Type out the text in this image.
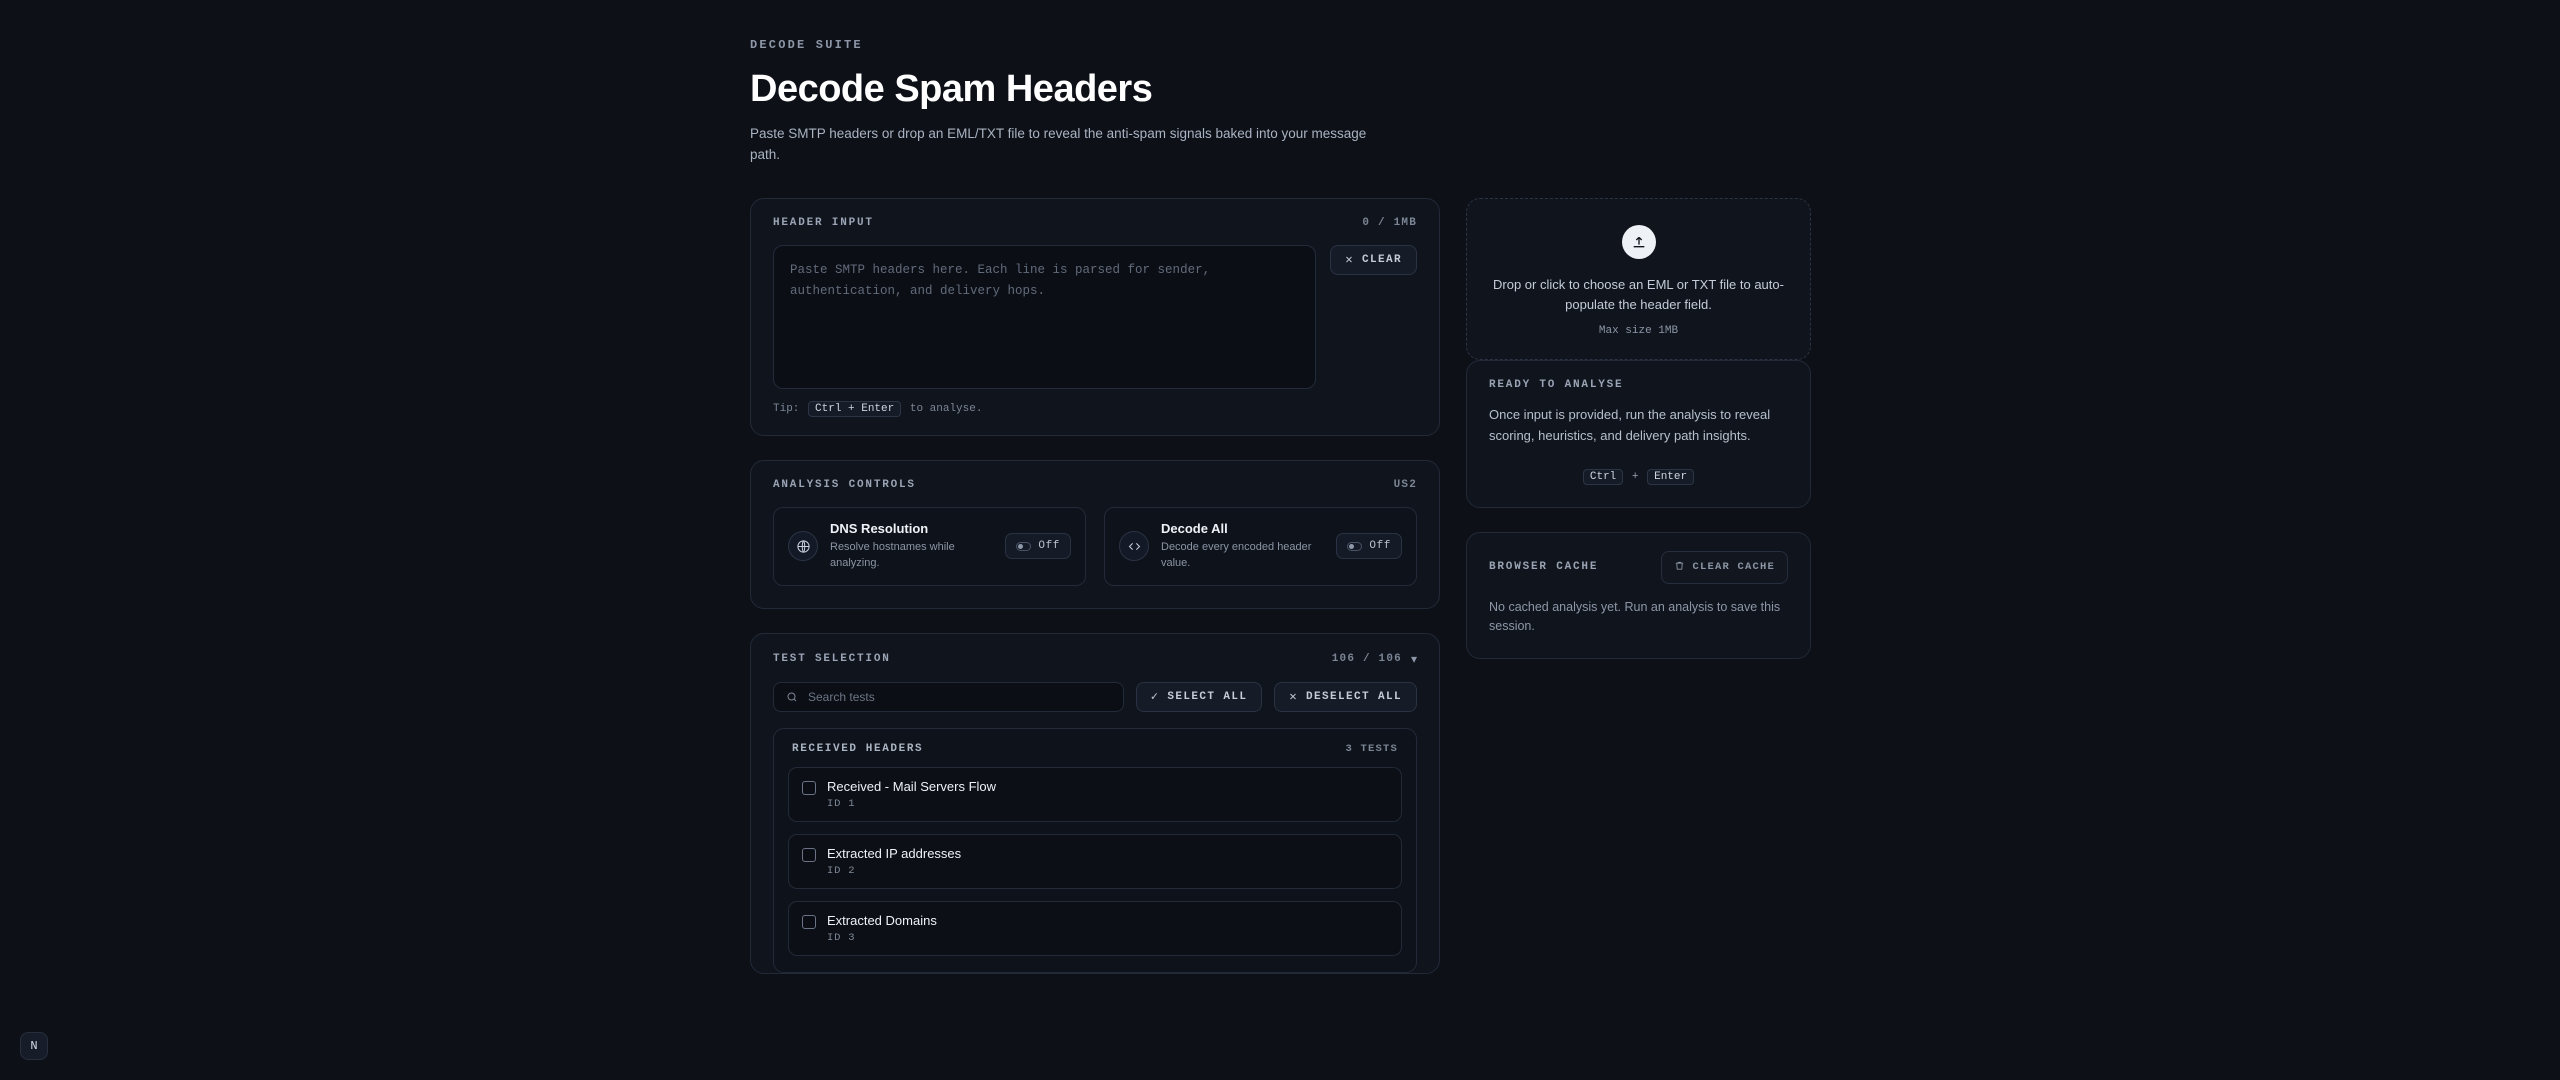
DECODE SUITE
Decode Spam Headers
Paste SMTP headers or drop an EML/TXT file to reveal the anti-spam signals baked into your message path.
HEADER INPUT	0 / 1MB
Paste SMTP headers here. Each line is parsed for sender, authentication, and delivery hops.
✕ CLEAR
Tip: Ctrl + Enter to analyse.
ANALYSIS CONTROLS	US2
DNS Resolution
Resolve hostnames while analyzing.
Off
Decode All
Decode every encoded header value.
Off
TEST SELECTION	106 / 106 ▾
Search tests
✓ SELECT ALL	✕ DESELECT ALL
RECEIVED HEADERS	3 TESTS
Received - Mail Servers Flow
ID 1
Extracted IP addresses
ID 2
Extracted Domains
ID 3
Drop or click to choose an EML or TXT file to auto-populate the header field.
Max size 1MB
READY TO ANALYSE
Once input is provided, run the analysis to reveal scoring, heuristics, and delivery path insights.
Ctrl + Enter
BROWSER CACHE	CLEAR CACHE
No cached analysis yet. Run an analysis to save this session.
N
